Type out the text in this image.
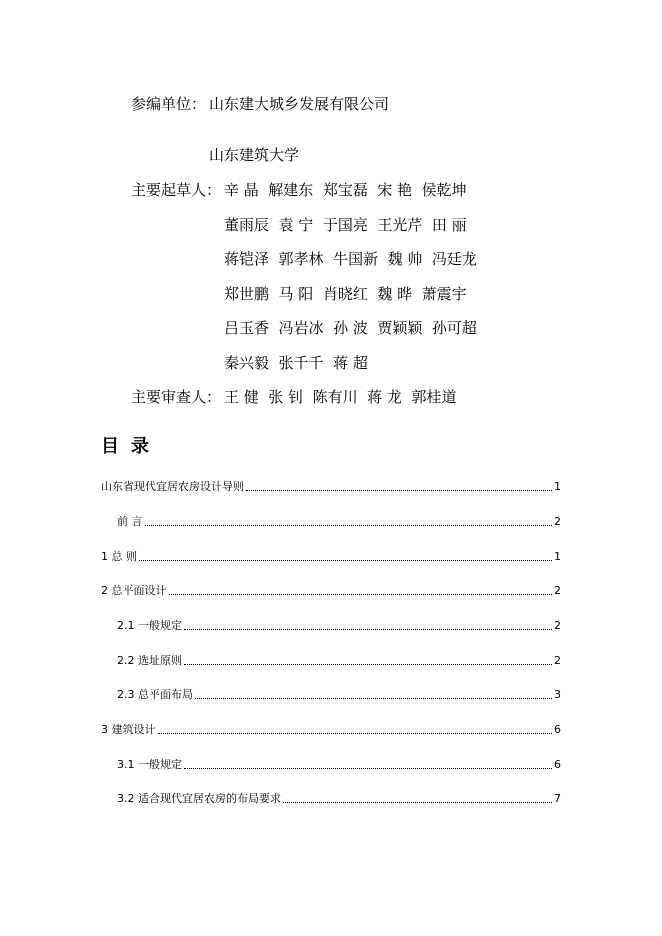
参编单位： 山东建大城乡发展有限公司
山东建筑大学
主要起草人： 辛 晶  解建东  郑宝磊  宋 艳  侯乾坤
董雨辰  袁 宁  于国亮  王光芹  田 丽
蒋铠泽  郭孝林  牛国新  魏 帅  冯廷龙
郑世鹏  马 阳  肖晓红  魏 晔  萧震宇
吕玉香  冯岩冰  孙 波  贾颖颖  孙可超
秦兴毅  张千千  蒋 超
主要审查人： 王 健  张 钊  陈有川  蒋 龙  郭桂道
目录
山东省现代宜居农房设计导则	1
前 言	2
1 总 则	1
2 总平面设计	2
2.1 一般规定	2
2.2 选址原则	2
2.3 总平面布局	3
3 建筑设计	6
3.1 一般规定	6
3.2 适合现代宜居农房的布局要求	7
